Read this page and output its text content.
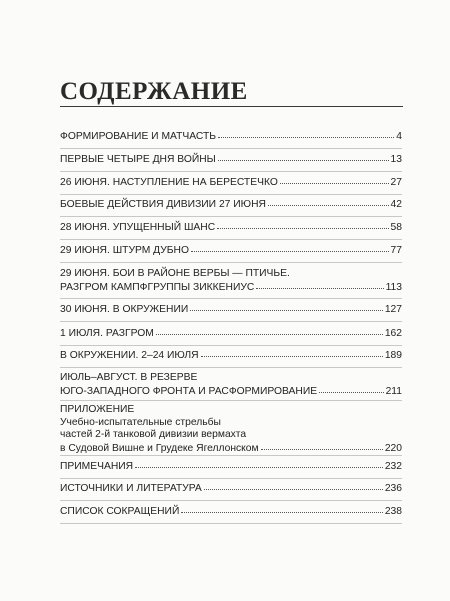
СОДЕРЖАНИЕ
ФОРМИРОВАНИЕ И МАТЧАСТЬ	4
ПЕРВЫЕ ЧЕТЫРЕ ДНЯ ВОЙНЫ	13
26 ИЮНЯ. НАСТУПЛЕНИЕ НА БЕРЕСТЕЧКО	27
БОЕВЫЕ ДЕЙСТВИЯ ДИВИЗИИ 27 ИЮНЯ	42
28 ИЮНЯ. УПУЩЕННЫЙ ШАНС	58
29 ИЮНЯ. ШТУРМ ДУБНО	77
29 ИЮНЯ. БОИ В РАЙОНЕ ВЕРБЫ — ПТИЧЬЕ.
РАЗГРОМ КАМПФГРУППЫ ЗИККЕНИУС	113
30 ИЮНЯ. В ОКРУЖЕНИИ	127
1 ИЮЛЯ. РАЗГРОМ	162
В ОКРУЖЕНИИ. 2–24 ИЮЛЯ	189
ИЮЛЬ–АВГУСТ. В РЕЗЕРВЕ
ЮГО-ЗАПАДНОГО ФРОНТА И РАСФОРМИРОВАНИЕ	211
ПРИЛОЖЕНИЕ
Учебно-испытательные стрельбы
частей 2-й танковой дивизии вермахта
в Судовой Вишне и Грудеке Ягеллонском	220
ПРИМЕЧАНИЯ	232
ИСТОЧНИКИ И ЛИТЕРАТУРА	236
СПИСОК СОКРАЩЕНИЙ	238
